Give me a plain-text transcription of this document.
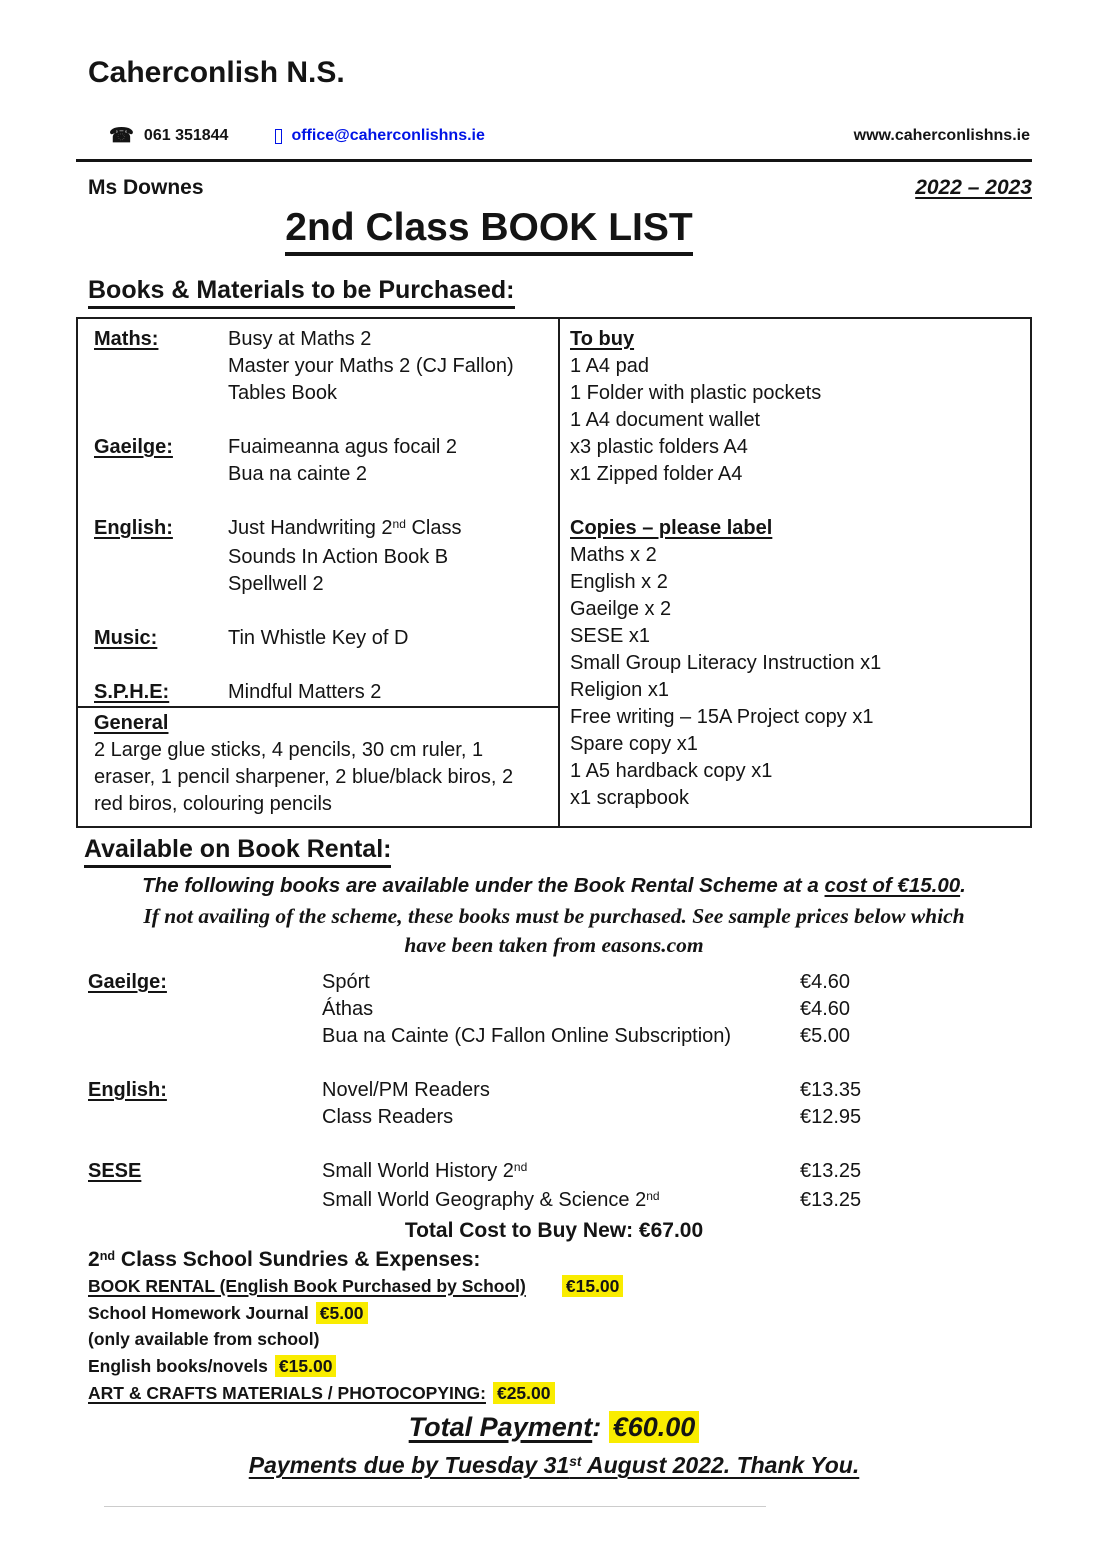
Caherconlish N.S.
☎ 061 351844	office@caherconlishns.ie	www.caherconlishns.ie
Ms Downes	2022 – 2023
2nd Class BOOK LIST
Books & Materials to be Purchased:
Maths:	Busy at Maths 2
Master your Maths 2 (CJ Fallon)
Tables Book
Gaeilge:	Fuaimeanna agus focail 2
Bua na cainte 2
English:	Just Handwriting 2nd Class
Sounds In Action Book B
Spellwell 2
Music:	Tin Whistle Key of D
S.P.H.E:	Mindful Matters 2
General
2 Large glue sticks, 4 pencils, 30 cm ruler, 1 eraser, 1 pencil sharpener, 2 blue/black biros, 2 red biros, colouring pencils
To buy
1 A4 pad
1 Folder with plastic pockets
1 A4 document wallet
x3 plastic folders A4
x1 Zipped folder A4
Copies – please label
Maths x 2
English x 2
Gaeilge x 2
SESE x1
Small Group Literacy Instruction x1
Religion x1
Free writing – 15A Project copy x1
Spare copy x1
1 A5 hardback copy x1
x1 scrapbook
Available on Book Rental:
The following books are available under the Book Rental Scheme at a cost of €15.00.
If not availing of the scheme, these books must be purchased. See sample prices below which have been taken from easons.com
Gaeilge:	Spórt	€4.60
Áthas	€4.60
Bua na Cainte (CJ Fallon Online Subscription)	€5.00
English:	Novel/PM Readers	€13.35
Class Readers	€12.95
SESE	Small World History 2nd	€13.25
Small World Geography & Science 2nd	€13.25
Total Cost to Buy New: €67.00
2nd Class School Sundries & Expenses:
BOOK RENTAL (English Book Purchased by School) €15.00
School Homework Journal €5.00
(only available from school)
English books/novels €15.00
ART & CRAFTS MATERIALS / PHOTOCOPYING: €25.00
Total Payment: €60.00
Payments due by Tuesday 31st August 2022. Thank You.
